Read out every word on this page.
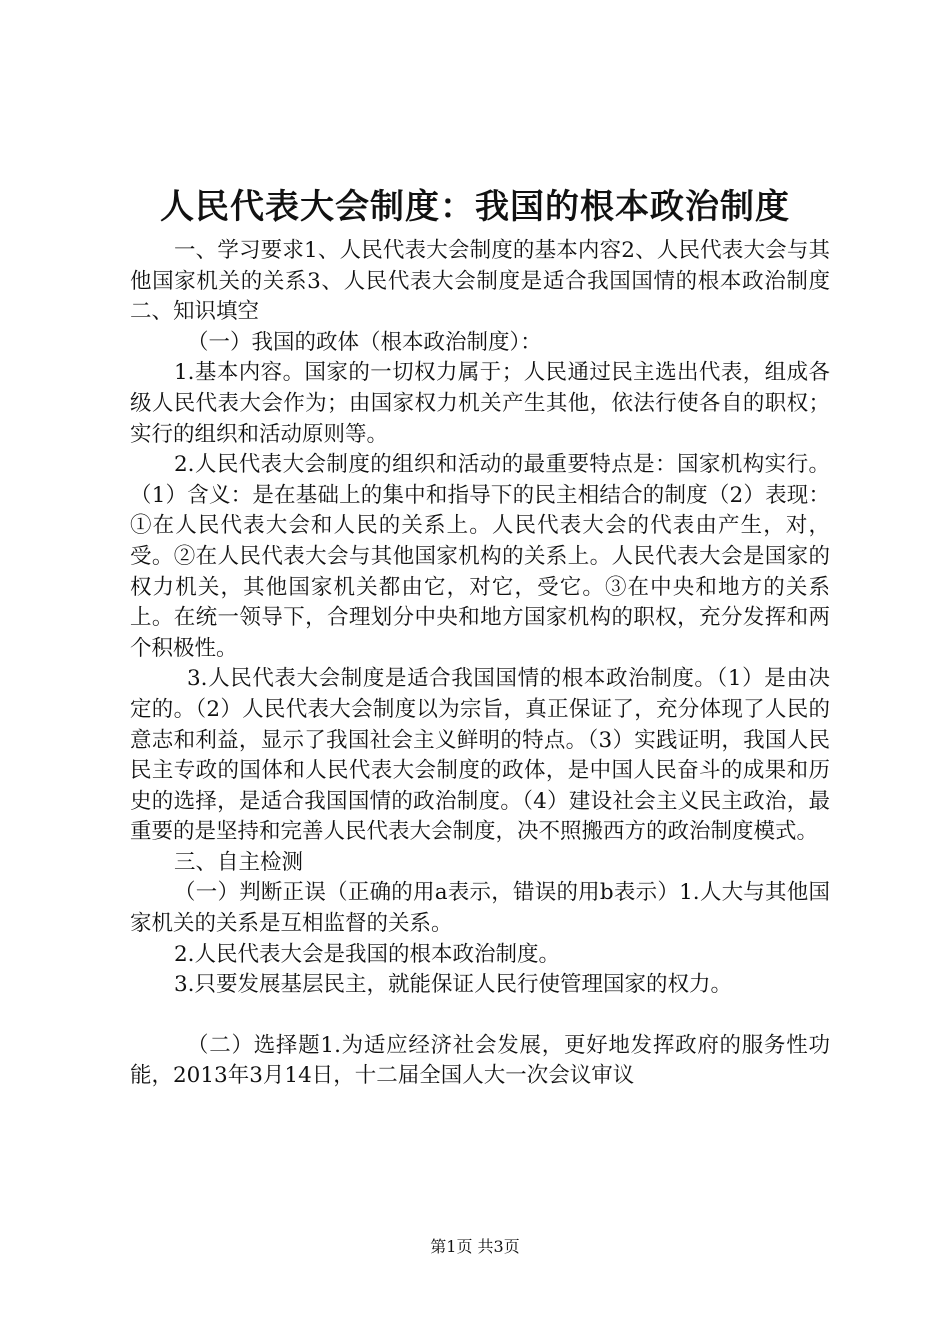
人民代表大会制度：我国的根本政治制度

一、学习要求1、人民代表大会制度的基本内容2、人民代表大会与其他国家机关的关系3、人民代表大会制度是适合我国国情的根本政治制度二、知识填空

（一）我国的政体（根本政治制度）：

1.基本内容。国家的一切权力属于；人民通过民主选出代表，组成各级人民代表大会作为；由国家权力机关产生其他，依法行使各自的职权；实行的组织和活动原则等。

2.人民代表大会制度的组织和活动的最重要特点是：国家机构实行。（1）含义：是在基础上的集中和指导下的民主相结合的制度（2）表现：①在人民代表大会和人民的关系上。人民代表大会的代表由产生，对，受。②在人民代表大会与其他国家机构的关系上。人民代表大会是国家的权力机关，其他国家机关都由它，对它，受它。③在中央和地方的关系上。在统一领导下，合理划分中央和地方国家机构的职权，充分发挥和两个积极性。

3.人民代表大会制度是适合我国国情的根本政治制度。（1）是由决定的。（2）人民代表大会制度以为宗旨，真正保证了，充分体现了人民的意志和利益，显示了我国社会主义鲜明的特点。（3）实践证明，我国人民民主专政的国体和人民代表大会制度的政体，是中国人民奋斗的成果和历史的选择，是适合我国国情的政治制度。（4）建设社会主义民主政治，最重要的是坚持和完善人民代表大会制度，决不照搬西方的政治制度模式。

三、自主检测

（一）判断正误（正确的用a表示，错误的用b表示）1.人大与其他国家机关的关系是互相监督的关系。

2.人民代表大会是我国的根本政治制度。

3.只要发展基层民主，就能保证人民行使管理国家的权力。

（二）选择题1.为适应经济社会发展，更好地发挥政府的服务性功能，2013年3月14日，十二届全国人大一次会议审议

第1页 共3页
